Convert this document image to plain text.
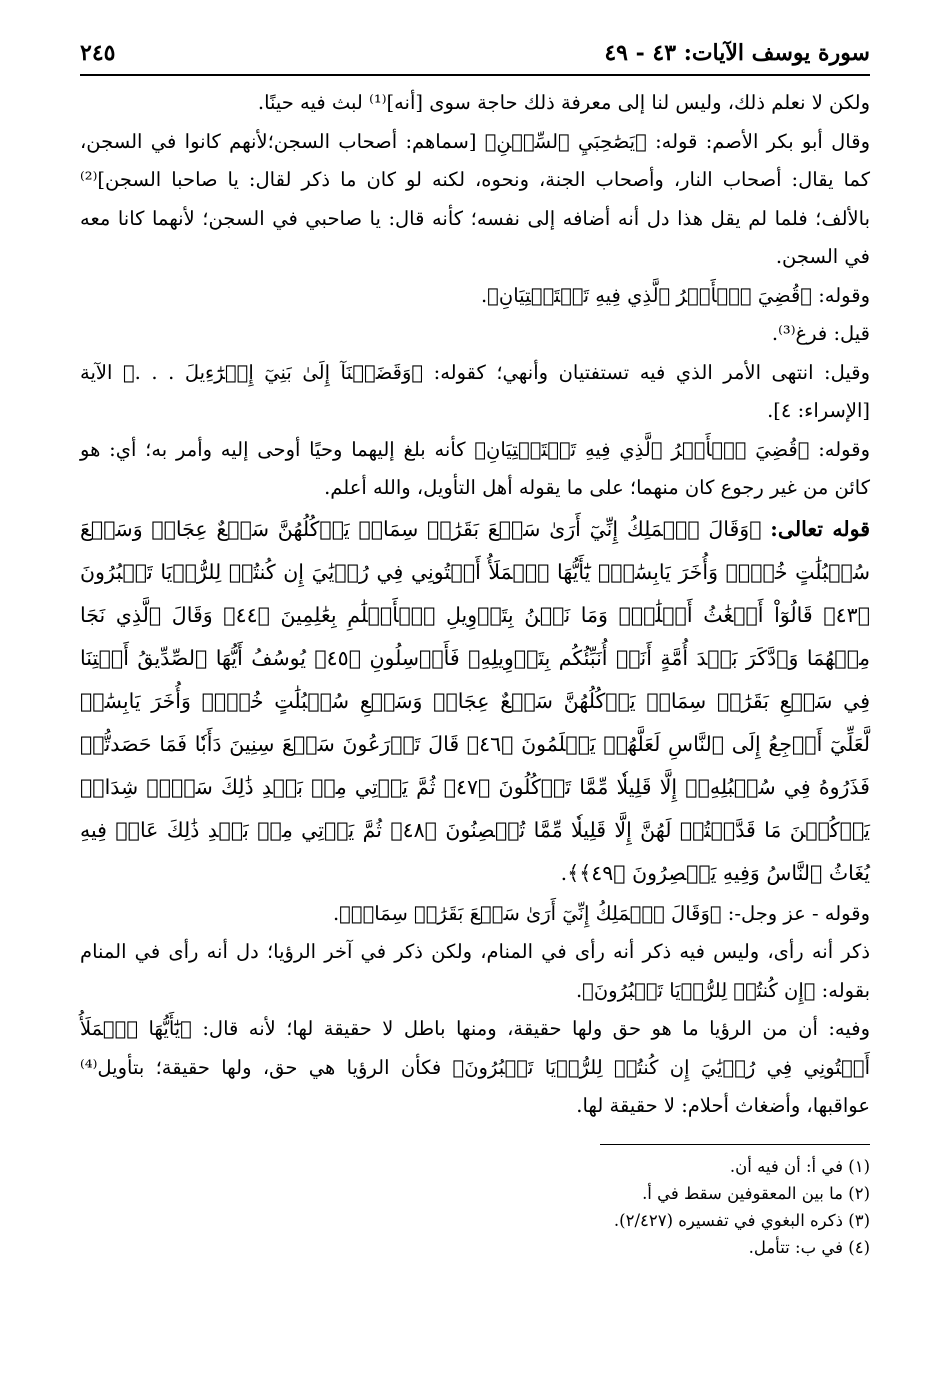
سورة يوسف الآيات: ٤٣ - ٤٩
٢٤٥

ولكن لا نعلم ذلك، وليس لنا إلى معرفة ذلك حاجة سوى [أنه]⁽¹⁾ لبث فيه حينًا.

وقال أبو بكر الأصم: قوله: ﴿يَصَٰحِبَيِ ٱلسِّجۡنِ﴾ [سماهم: أصحاب السجن؛لأنهم كانوا في السجن، كما يقال: أصحاب النار، وأصحاب الجنة، ونحوه، لكنه لو كان ما ذكر لقال: يا صاحبا السجن]⁽²⁾ بالألف؛ فلما لم يقل هذا دل أنه أضافه إلى نفسه؛ كأنه قال: يا صاحبي في السجن؛ لأنهما كانا معه في السجن.

وقوله: ﴿قُضِيَ ٱلۡأَمۡرُ ٱلَّذِي فِيهِ تَسۡتَفۡتِيَانِ﴾.

قيل: فرغ⁽³⁾.

وقيل: انتهى الأمر الذي فيه تستفتيان وأنهي؛ كقوله: ﴿وَقَضَيۡنَآ إِلَىٰ بَنِيٓ إِسۡرَٰٓءِيلَ . . .﴾ الآية [الإسراء: ٤].

وقوله: ﴿قُضِيَ ٱلۡأَمۡرُ ٱلَّذِي فِيهِ تَسۡتَفۡتِيَانِ﴾ كأنه بلغ إليهما وحيًا أوحى إليه وأمر به؛ أي: هو كائن من غير رجوع كان منهما؛ على ما يقوله أهل التأويل، والله أعلم.

قوله تعالى: ﴿وَقَالَ ٱلۡمَلِكُ إِنِّيٓ أَرَىٰ سَبۡعَ بَقَرَٰتٖ سِمَانٖ يَأۡكُلُهُنَّ سَبۡعٌ عِجَافٞ وَسَبۡعَ سُنۢبُلَٰتٍ خُضۡرٖ وَأُخَرَ يَابِسَٰتٖۖ يَٰٓأَيُّهَا ٱلۡمَلَأُ أَفۡتُونِي فِي رُءۡيَٰيَ إِن كُنتُمۡ لِلرُّءۡيَا تَعۡبُرُونَ ﴿٤٣﴾ قَالُوٓاْ أَضۡغَٰثُ أَحۡلَٰمٖۖ وَمَا نَحۡنُ بِتَأۡوِيلِ ٱلۡأَحۡلَٰمِ بِعَٰلِمِينَ ﴿٤٤﴾ وَقَالَ ٱلَّذِي نَجَا مِنۡهُمَا وَٱدَّكَرَ بَعۡدَ أُمَّةٍ أَنَا۠ أُنَبِّئُكُم بِتَأۡوِيلِهِۦ فَأَرۡسِلُونِ ﴿٤٥﴾ يُوسُفُ أَيُّهَا ٱلصِّدِّيقُ أَفۡتِنَا فِي سَبۡعِ بَقَرَٰتٖ سِمَانٖ يَأۡكُلُهُنَّ سَبۡعٌ عِجَافٞ وَسَبۡعِ سُنۢبُلَٰتٍ خُضۡرٖ وَأُخَرَ يَابِسَٰتٖ لَّعَلِّيٓ أَرۡجِعُ إِلَى ٱلنَّاسِ لَعَلَّهُمۡ يَعۡلَمُونَ ﴿٤٦﴾ قَالَ تَزۡرَعُونَ سَبۡعَ سِنِينَ دَأَبٗا فَمَا حَصَدتُّمۡ فَذَرُوهُ فِي سُنۢبُلِهِۦٓ إِلَّا قَلِيلٗا مِّمَّا تَأۡكُلُونَ ﴿٤٧﴾ ثُمَّ يَأۡتِي مِنۢ بَعۡدِ ذَٰلِكَ سَبۡعٞ شِدَادٞ يَأۡكُلۡنَ مَا قَدَّمۡتُمۡ لَهُنَّ إِلَّا قَلِيلٗا مِّمَّا تُحۡصِنُونَ ﴿٤٨﴾ ثُمَّ يَأۡتِي مِنۢ بَعۡدِ ذَٰلِكَ عَامٞ فِيهِ يُغَاثُ ٱلنَّاسُ وَفِيهِ يَعۡصِرُونَ ﴿٤٩﴾﴾.

وقوله - عز وجل-: ﴿وَقَالَ ٱلۡمَلِكُ إِنِّيٓ أَرَىٰ سَبۡعَ بَقَرَٰتٖ سِمَانٖ﴾.

ذكر أنه رأى، وليس فيه ذكر أنه رأى في المنام، ولكن ذكر في آخر الرؤيا؛ دل أنه رأى في المنام بقوله: ﴿إِن كُنتُمۡ لِلرُّءۡيَا تَعۡبُرُونَ﴾.

وفيه: أن من الرؤيا ما هو حق ولها حقيقة، ومنها باطل لا حقيقة لها؛ لأنه قال: ﴿يَٰٓأَيُّهَا ٱلۡمَلَأُ أَفۡتُونِي فِي رُءۡيَٰيَ إِن كُنتُمۡ لِلرُّءۡيَا تَعۡبُرُونَ﴾ فكأن الرؤيا هي حق، ولها حقيقة؛ بتأويل⁽⁴⁾ عواقبها، وأضغاث أحلام: لا حقيقة لها.

(١) في أ: أن فيه أن.

(٢) ما بين المعقوفين سقط في أ.

(٣) ذكره البغوي في تفسيره (٢/٤٢٧).

(٤) في ب: تتأمل.
